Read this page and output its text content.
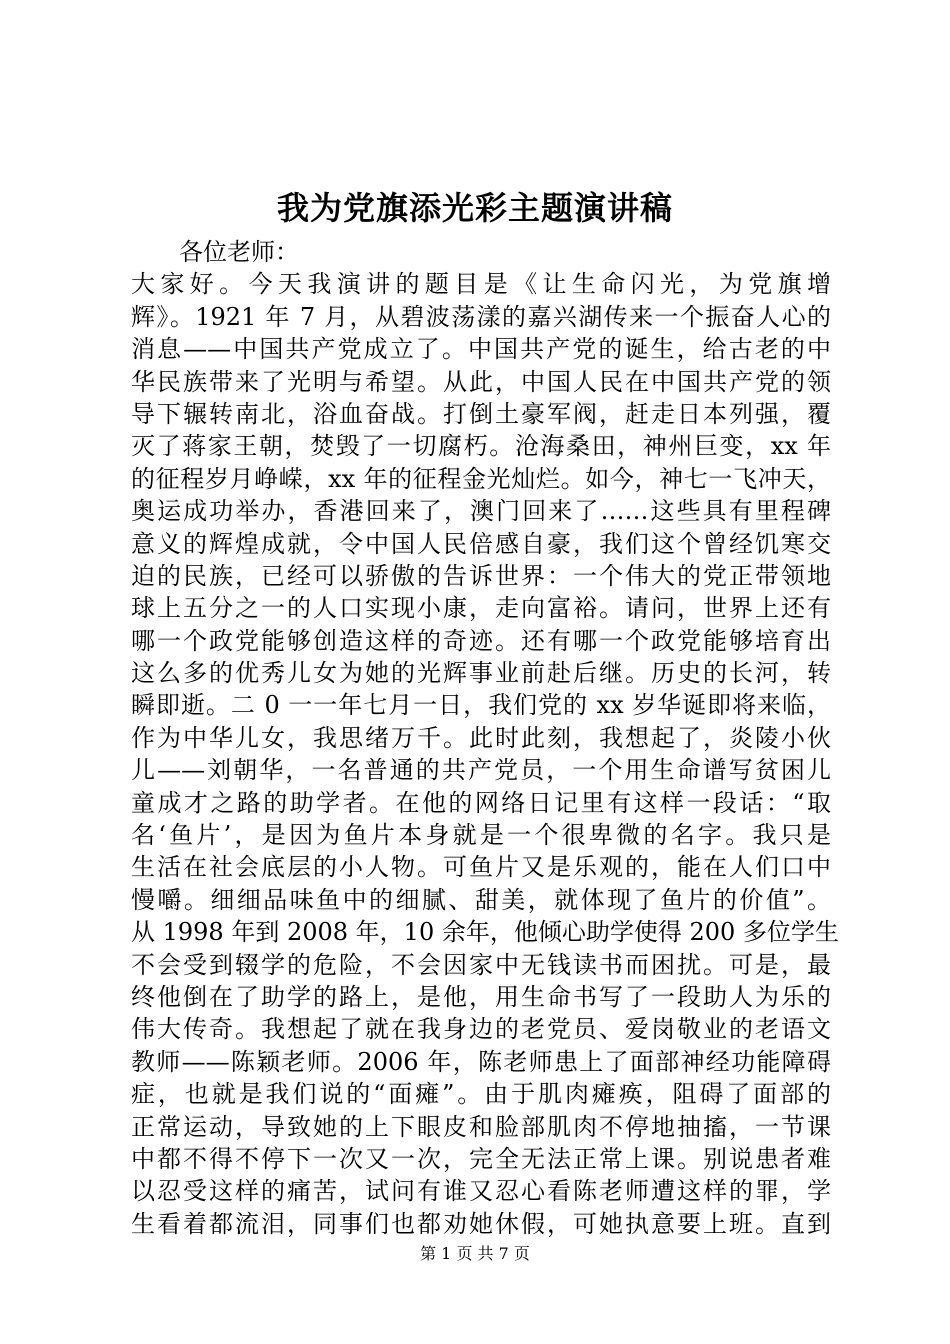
我为党旗添光彩主题演讲稿
各位老师：
大家好。今天我演讲的题目是《让生命闪光，为党旗增
辉》。1921 年 7 月，从碧波荡漾的嘉兴湖传来一个振奋人心的
消息——中国共产党成立了。中国共产党的诞生，给古老的中
华民族带来了光明与希望。从此，中国人民在中国共产党的领
导下辗转南北，浴血奋战。打倒土豪军阀，赶走日本列强，覆
灭了蒋家王朝，焚毁了一切腐朽。沧海桑田，神州巨变，xx 年
的征程岁月峥嵘，xx 年的征程金光灿烂。如今，神七一飞冲天，
奥运成功举办，香港回来了，澳门回来了……这些具有里程碑
意义的辉煌成就，令中国人民倍感自豪，我们这个曾经饥寒交
迫的民族，已经可以骄傲的告诉世界：一个伟大的党正带领地
球上五分之一的人口实现小康，走向富裕。请问，世界上还有
哪一个政党能够创造这样的奇迹。还有哪一个政党能够培育出
这么多的优秀儿女为她的光辉事业前赴后继。历史的长河，转
瞬即逝。二 0 一一年七月一日，我们党的 xx 岁华诞即将来临，
作为中华儿女，我思绪万千。此时此刻，我想起了，炎陵小伙
儿——刘朝华，一名普通的共产党员，一个用生命谱写贫困儿
童成才之路的助学者。在他的网络日记里有这样一段话：“取
名‘鱼片’，是因为鱼片本身就是一个很卑微的名字。我只是
生活在社会底层的小人物。可鱼片又是乐观的，能在人们口中
慢嚼。细细品味鱼中的细腻、甜美，就体现了鱼片的价值”。
从 1998 年到 2008 年，10 余年，他倾心助学使得 200 多位学生
不会受到辍学的危险，不会因家中无钱读书而困扰。可是，最
终他倒在了助学的路上，是他，用生命书写了一段助人为乐的
伟大传奇。我想起了就在我身边的老党员、爱岗敬业的老语文
教师——陈颖老师。2006 年，陈老师患上了面部神经功能障碍
症，也就是我们说的“面瘫”。由于肌肉瘫痪，阻碍了面部的
正常运动，导致她的上下眼皮和脸部肌肉不停地抽搐，一节课
中都不得不停下一次又一次，完全无法正常上课。别说患者难
以忍受这样的痛苦，试问有谁又忍心看陈老师遭这样的罪，学
生看着都流泪，同事们也都劝她休假，可她执意要上班。直到
第 1 页 共 7 页
